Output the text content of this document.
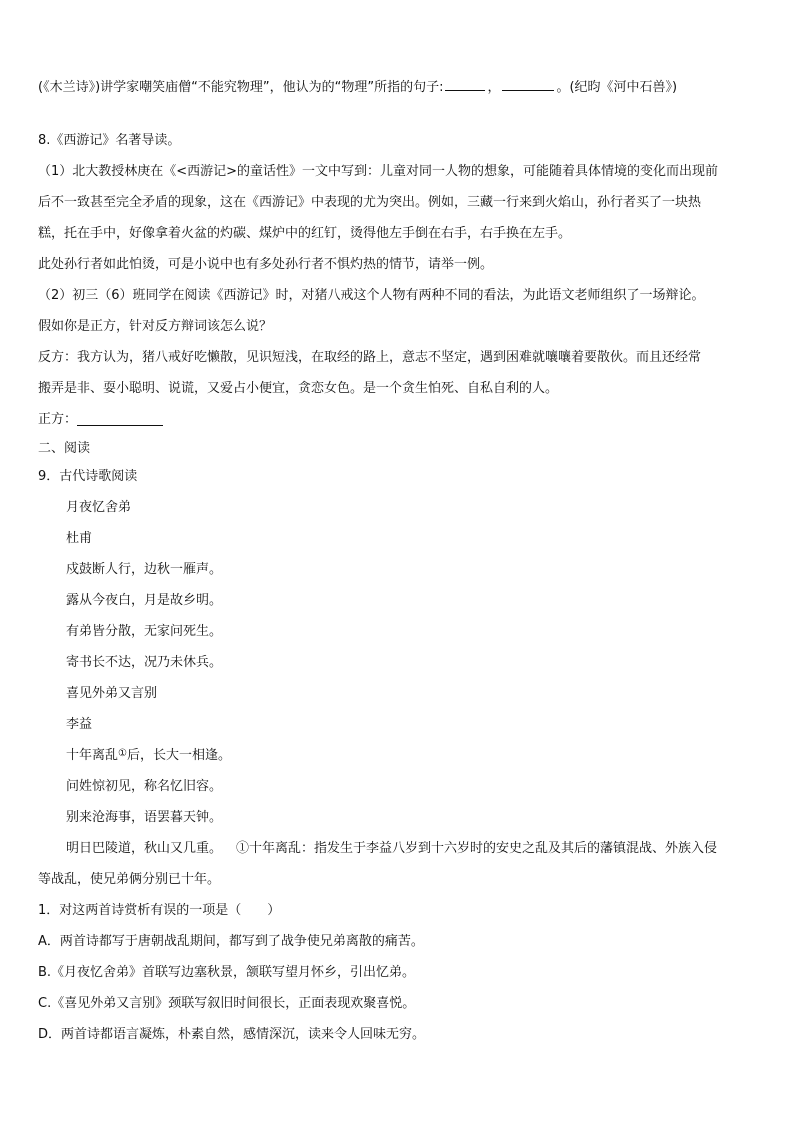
(《木兰诗》)讲学家嘲笑庙僧“不能究物理”，他认为的“物理”所指的句子:	，	。(纪昀《河中石兽》)

8.《西游记》名著导读。
（1）北大教授林庚在《<西游记>的童话性》一文中写到：儿童对同一人物的想象，可能随着具体情境的变化而出现前
后不一致甚至完全矛盾的现象，这在《西游记》中表现的尤为突出。例如，三藏一行来到火焰山，孙行者买了一块热
糕，托在手中，好像拿着火盆的灼碳、煤炉中的红钉，烫得他左手倒在右手，右手换在左手。
此处孙行者如此怕烫，可是小说中也有多处孙行者不惧灼热的情节，请举一例。
（2）初三（6）班同学在阅读《西游记》时，对猪八戒这个人物有两种不同的看法，为此语文老师组织了一场辩论。
假如你是正方，针对反方辩词该怎么说？
反方：我方认为，猪八戒好吃懒散，见识短浅，在取经的路上，意志不坚定，遇到困难就嚷嚷着要散伙。而且还经常
搬弄是非、耍小聪明、说谎，又爱占小便宜，贪恋女色。是一个贪生怕死、自私自利的人。
正方：

二、阅读
9．古代诗歌阅读
月夜忆舍弟
杜甫
戍鼓断人行，边秋一雁声。
露从今夜白，月是故乡明。
有弟皆分散，无家问死生。
寄书长不达，况乃未休兵。
喜见外弟又言别
李益
十年离乱 ① 后，长大一相逢。
问姓惊初见，称名忆旧容。
别来沧海事，语罢暮天钟。
明日巴陵道，秋山又几重。 ①十年离乱：指发生于李益八岁到十六岁时的安史之乱及其后的藩镇混战、外族入侵
等战乱，使兄弟俩分别已十年。
1．对这两首诗赏析有误的一项是（　　）
A．两首诗都写于唐朝战乱期间，都写到了战争使兄弟离散的痛苦。
B.《月夜忆舍弟》首联写边塞秋景，颔联写望月怀乡，引出忆弟。
C.《喜见外弟又言别》颈联写叙旧时间很长，正面表现欢聚喜悦。
D．两首诗都语言凝炼，朴素自然，感情深沉，读来令人回味无穷。
